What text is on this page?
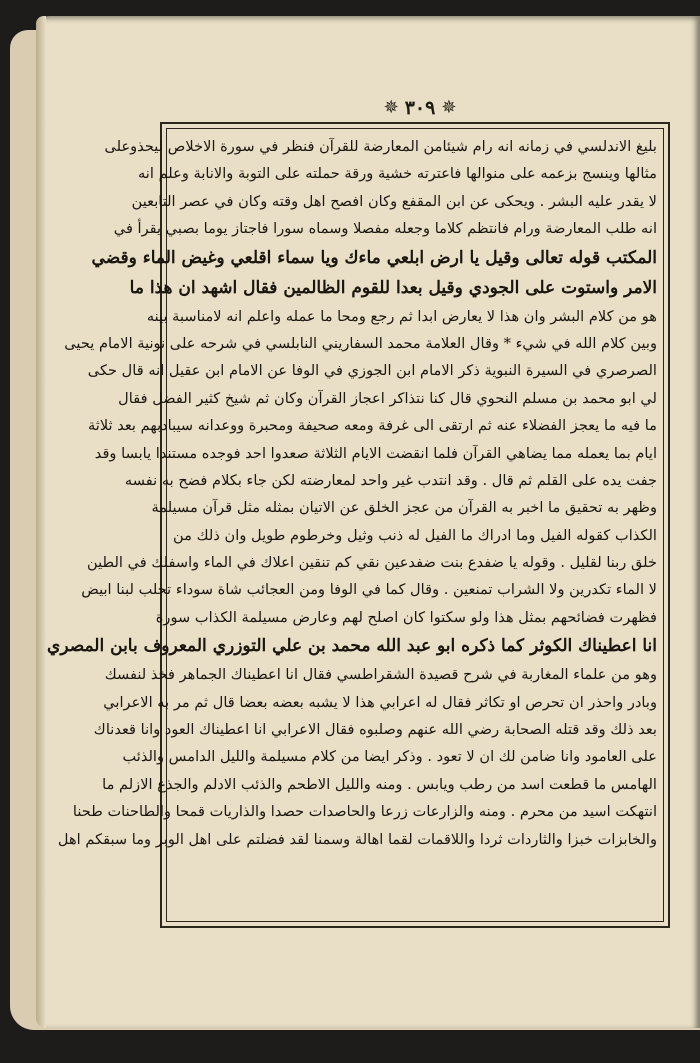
✵
٣٠٩
✵
بليغ الاندلسي في زمانه انه رام شيئامن المعارضة للقرآن فنظر في سورة الاخلاص ليحذوعلى
مثالها وينسج بزعمه على منوالها فاعترته خشية ورقة حملته على التوبة والانابة وعلم انه
لا يقدر عليه البشر . ويحكى عن ابن المقفع وكان افصح اهل وقته وكان في عصر التابعين
انه طلب المعارضة ورام فانتظم كلاما وجعله مفصلا وسماه سورا فاجتاز يوما بصبي يقرأ في
المكتب قوله تعالى وقيل يا ارض ابلعي ماءك ويا سماء اقلعي وغيض الماء وقضي
الامر واستوت على الجودي وقيل بعدا للقوم الظالمين فقال اشهد ان هذا ما
هو من كلام البشر وان هذا لا يعارض ابدا ثم رجع ومحا ما عمله واعلم انه لامناسبة بينه
وبين كلام الله في شيء * وقال العلامة محمد السفاريني النابلسي في شرحه على نونية الامام يحيى
الصرصري في السيرة النبوية ذكر الامام ابن الجوزي في الوفا عن الامام ابن عقيل انه قال حكى
لي ابو محمد بن مسلم النحوي قال كنا نتذاكر اعجاز القرآن وكان ثم شيخ كثير الفضل فقال
ما فيه ما يعجز الفضلاء عنه ثم ارتقى الى غرفة ومعه صحيفة ومحبرة ووعدانه سيبادبهم بعد ثلاثة
ايام بما يعمله مما يضاهي القرآن فلما انقضت الايام الثلاثة صعدوا احد فوجده مستندا يابسا وقد
جفت يده على القلم ثم قال . وقد انتدب غير واحد لمعارضته لكن جاء بكلام فضح به نفسه
وظهر به تحقيق ما اخبر به القرآن من عجز الخلق عن الاتيان بمثله مثل قرآن مسيلمة
الكذاب كقوله الفيل وما ادراك ما الفيل له ذنب وثيل وخرطوم طويل وان ذلك من
خلق ربنا لقليل . وقوله يا ضفدع بنت ضفدعين نقي كم تنقين اعلاك في الماء واسفلك في الطين
لا الماء تكدرين ولا الشراب تمنعين . وقال كما في الوفا ومن العجائب شاة سوداء تحلب لبنا ابيض
فظهرت فضائحهم بمثل هذا ولو سكتوا كان اصلح لهم وعارض مسيلمة الكذاب سورة
انا اعطيناك الكوثر كما ذكره ابو عبد الله محمد بن علي التوزري المعروف بابن المصري
وهو من علماء المغاربة في شرح قصيدة الشقراطسي فقال انا اعطيناك الجماهر فخذ لنفسك
وبادر واحذر ان تحرص او تكاثر فقال له اعرابي هذا لا يشبه بعضه بعضا قال ثم مر به الاعرابي
بعد ذلك وقد قتله الصحابة رضي الله عنهم وصلبوه فقال الاعرابي انا اعطيناك العود وانا قعدناك
على العامود وانا ضامن لك ان لا تعود . وذكر ايضا من كلام مسيلمة والليل الدامس والذئب
الهامس ما قطعت اسد من رطب ويابس . ومنه والليل الاطحم والذئب الادلم والجذع الازلم ما
انتهكت اسيد من محرم . ومنه والزارعات زرعا والحاصدات حصدا والذاريات قمحا والطاحنات طحنا
والخابزات خبزا والثاردات ثردا واللاقمات لقما اهالة وسمنا لقد فضلتم على اهل الوبر وما سبقكم اهل
